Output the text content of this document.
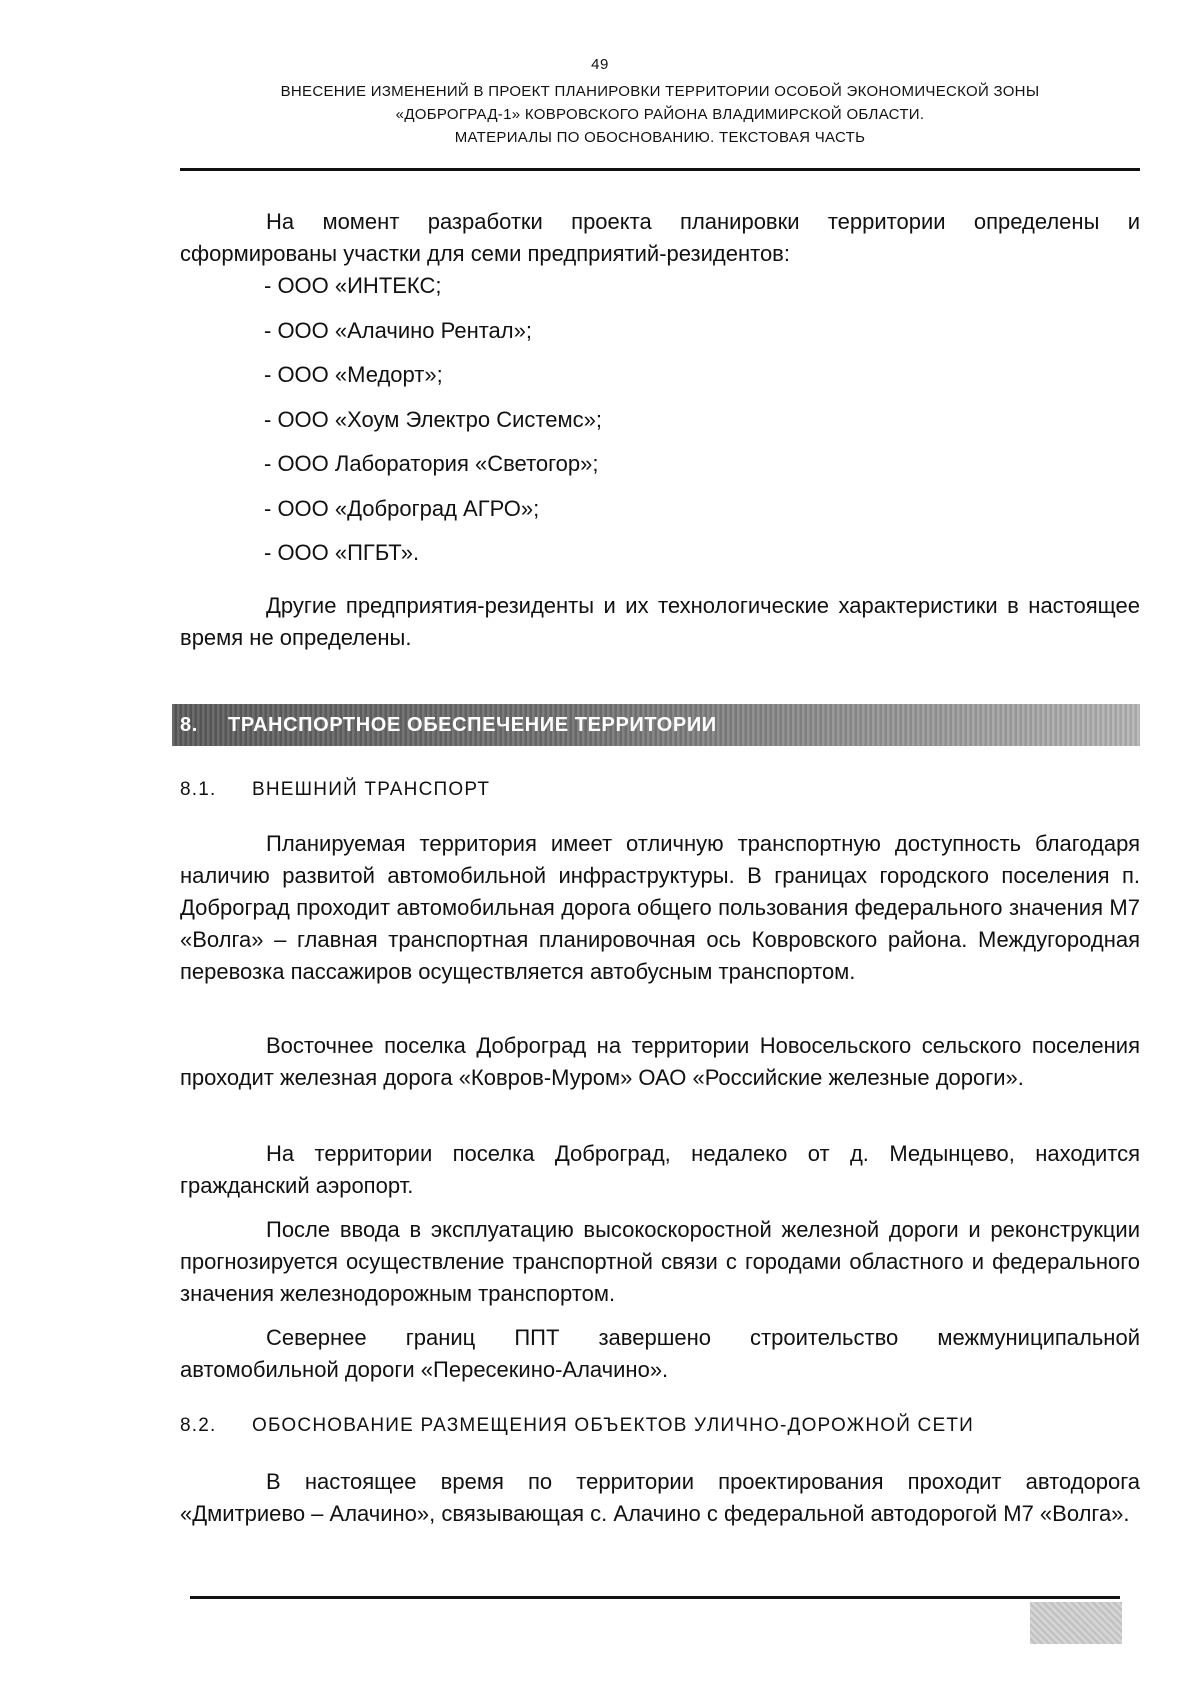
49
ВНЕСЕНИЕ ИЗМЕНЕНИЙ В ПРОЕКТ ПЛАНИРОВКИ ТЕРРИТОРИИ ОСОБОЙ ЭКОНОМИЧЕСКОЙ ЗОНЫ
«ДОБРОГРАД-1» КОВРОВСКОГО РАЙОНА ВЛАДИМИРСКОЙ ОБЛАСТИ.
МАТЕРИАЛЫ ПО ОБОСНОВАНИЮ. ТЕКСТОВАЯ ЧАСТЬ
На момент разработки проекта планировки территории определены и сформированы участки для семи предприятий-резидентов:
- ООО «ИНТЕКС;
- ООО «Алачино Рентал»;
- ООО «Медорт»;
- ООО «Хоум Электро Системс»;
- ООО Лаборатория «Светогор»;
- ООО «Доброград АГРО»;
- ООО «ПГБТ».
Другие предприятия-резиденты и их технологические характеристики в настоящее время не определены.
8. ТРАНСПОРТНОЕ ОБЕСПЕЧЕНИЕ ТЕРРИТОРИИ
8.1. ВНЕШНИЙ ТРАНСПОРТ
Планируемая территория имеет отличную транспортную доступность благодаря наличию развитой автомобильной инфраструктуры. В границах городского поселения п. Доброград проходит автомобильная дорога общего пользования федерального значения М7 «Волга» – главная транспортная планировочная ось Ковровского района. Междугородная перевозка пассажиров осуществляется автобусным транспортом.
Восточнее поселка Доброград на территории Новосельского сельского поселения проходит железная дорога «Ковров-Муром» ОАО «Российские железные дороги».
На территории поселка Доброград, недалеко от д. Медынцево, находится гражданский аэропорт.
После ввода в эксплуатацию высокоскоростной железной дороги и реконструкции прогнозируется осуществление транспортной связи с городами областного и федерального значения железнодорожным транспортом.
Севернее границ ППТ завершено строительство межмуниципальной автомобильной дороги «Пересекино-Алачино».
8.2. ОБОСНОВАНИЕ РАЗМЕЩЕНИЯ ОБЪЕКТОВ УЛИЧНО-ДОРОЖНОЙ СЕТИ
В настоящее время по территории проектирования проходит автодорога «Дмитриево – Алачино», связывающая с. Алачино с федеральной автодорогой М7 «Волга».
